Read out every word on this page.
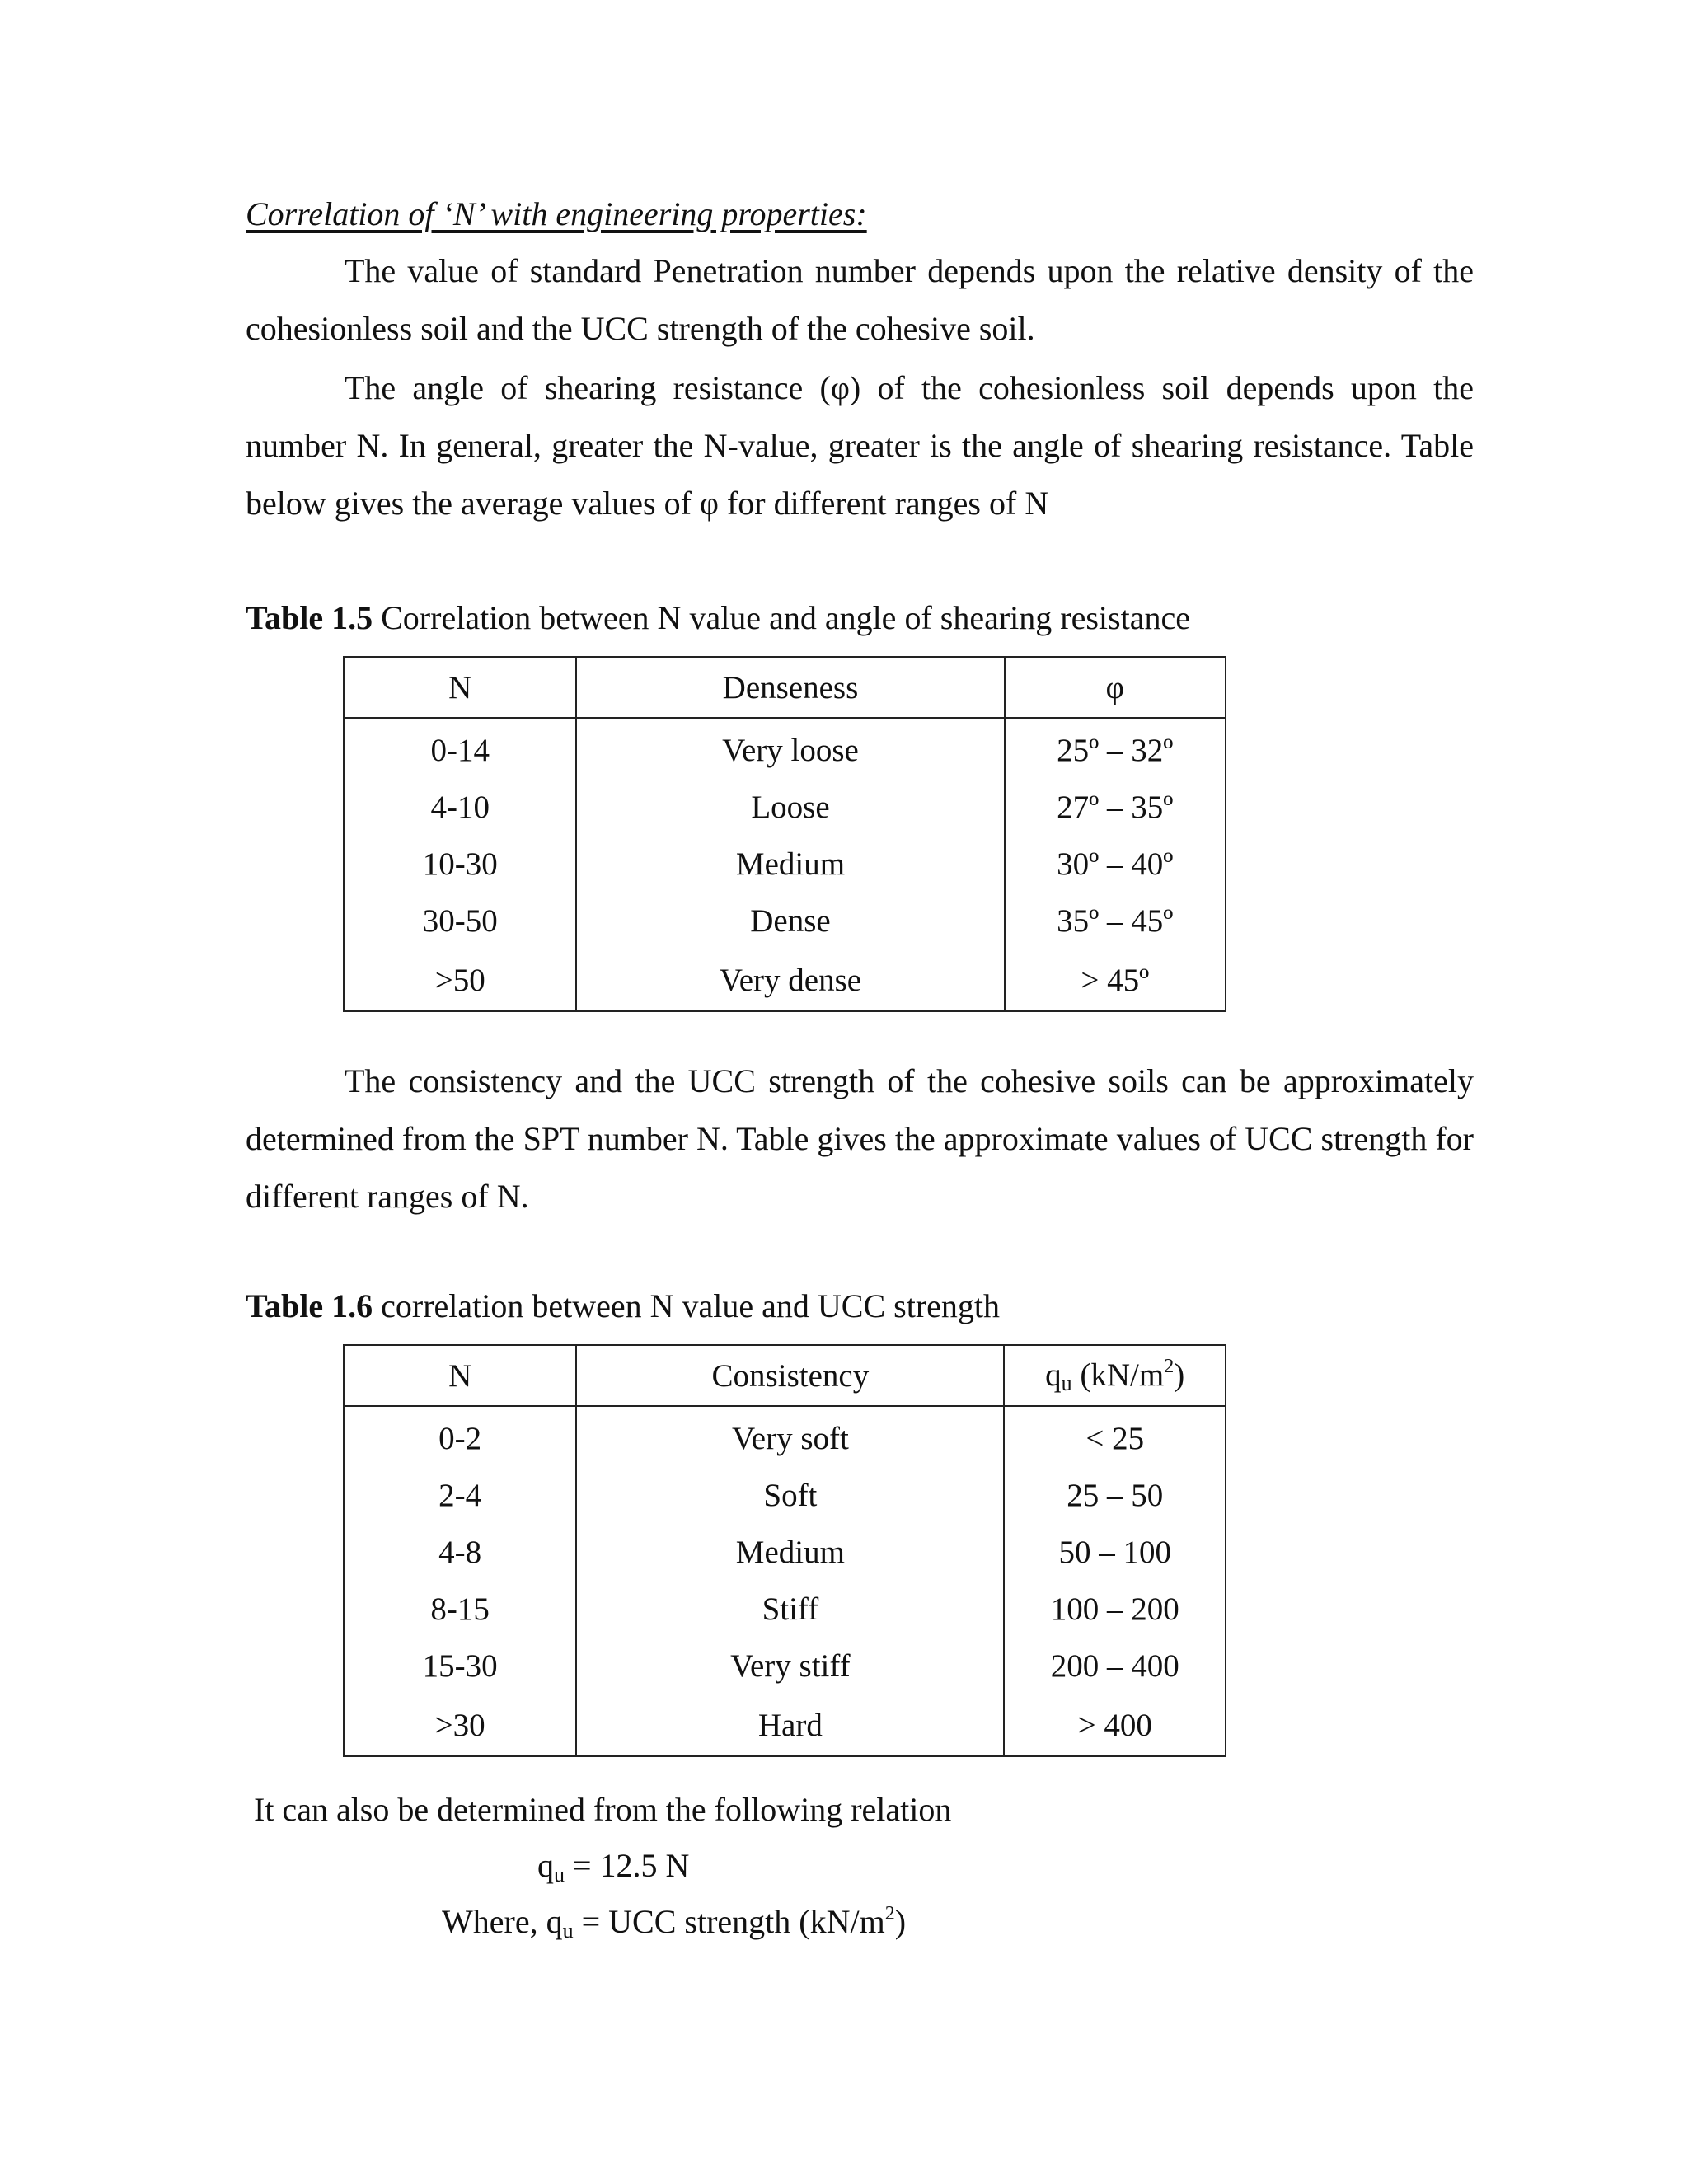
Correlation of ‘N’ with engineering properties:

The value of standard Penetration number depends upon the relative density of the cohesionless soil and the UCC strength of the cohesive soil.

The angle of shearing resistance (φ) of the cohesionless soil depends upon the number N. In general, greater the N-value, greater is the angle of shearing resistance. Table below gives the average values of φ for different ranges of N

Table 1.5 Correlation between N value and angle of shearing resistance
N	Denseness	φ
0-14	Very loose	25º – 32º
4-10	Loose	27º – 35º
10-30	Medium	30º – 40º
30-50	Dense	35º – 45º
>50	Very dense	> 45º

The consistency and the UCC strength of the cohesive soils can be approximately determined from the SPT number N. Table gives the approximate values of UCC strength for different ranges of N.

Table 1.6 correlation between N value and UCC strength
N	Consistency	$q_u$ $(kN/m^2)$
0-2	Very soft	< 25
2-4	Soft	25 – 50
4-8	Medium	50 – 100
8-15	Stiff	100 – 200
15-30	Very stiff	200 – 400
>30	Hard	> 400
It can also be determined from the following relation
$q_u = 12.5$ N
Where, $q_u$ = UCC strength $(kN/m^2)$
